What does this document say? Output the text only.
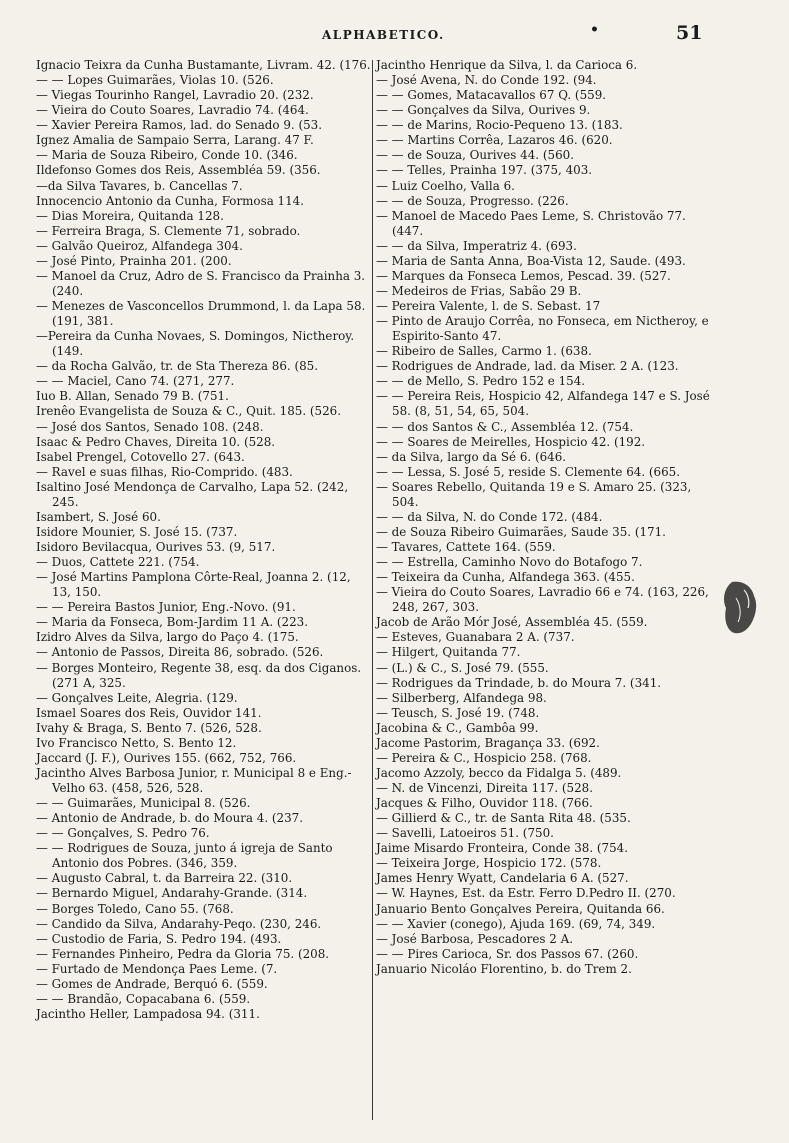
ALPHABETICO.	•	51
Ignacio Teixra da Cunha Bustamante, Livram. 42. (176.
— — Lopes Guimarães, Violas 10. (526.
— Viegas Tourinho Rangel, Lavradio 20. (232.
— Vieira do Couto Soares, Lavradio 74. (464.
— Xavier Pereira Ramos, lad. do Senado 9. (53.
Ignez Amalia de Sampaio Serra, Larang. 47 F.
— Maria de Souza Ribeiro, Conde 10. (346.
Ildefonso Gomes dos Reis, Assembléa 59. (356.
—da Silva Tavares, b. Cancellas 7.
Innocencio Antonio da Cunha, Formosa 114.
— Dias Moreira, Quitanda 128.
— Ferreira Braga, S. Clemente 71, sobrado.
— Galvão Queiroz, Alfandega 304.
— José Pinto, Prainha 201. (200.
— Manoel da Cruz, Adro de S. Francisco da Prainha 3. (240.
— Menezes de Vasconcellos Drummond, l. da Lapa 58. (191, 381.
—Pereira da Cunha Novaes, S. Domingos, Nictheroy. (149.
— da Rocha Galvão, tr. de Sta Thereza 86. (85.
— — Maciel, Cano 74. (271, 277.
Iuo B. Allan, Senado 79 B. (751.
Irenêo Evangelista de Souza & C., Quit. 185. (526.
— José dos Santos, Senado 108. (248.
Isaac & Pedro Chaves, Direita 10. (528.
Isabel Prengel, Cotovello 27. (643.
— Ravel e suas filhas, Rio-Comprido. (483.
Isaltino José Mendonça de Carvalho, Lapa 52. (242, 245.
Isambert, S. José 60.
Isidore Mounier, S. José 15. (737.
Isidoro Bevilacqua, Ourives 53. (9, 517.
— Duos, Cattete 221. (754.
— José Martins Pamplona Côrte-Real, Joanna 2. (12, 13, 150.
— — Pereira Bastos Junior, Eng.-Novo. (91.
— Maria da Fonseca, Bom-Jardim 11 A. (223.
Izidro Alves da Silva, largo do Paço 4. (175.
— Antonio de Passos, Direita 86, sobrado. (526.
— Borges Monteiro, Regente 38, esq. da dos Ciganos. (271 A, 325.
— Gonçalves Leite, Alegria. (129.
Ismael Soares dos Reis, Ouvidor 141.
Ivahy & Braga, S. Bento 7. (526, 528.
Ivo Francisco Netto, S. Bento 12.
Jaccard (J. F.), Ourives 155. (662, 752, 766.
Jacintho Alves Barbosa Junior, r. Municipal 8 e Eng.-Velho 63. (458, 526, 528.
— — Guimarães, Municipal 8. (526.
— Antonio de Andrade, b. do Moura 4. (237.
— — Gonçalves, S. Pedro 76.
— — Rodrigues de Souza, junto á igreja de Santo Antonio dos Pobres. (346, 359.
— Augusto Cabral, t. da Barreira 22. (310.
— Bernardo Miguel, Andarahy-Grande. (314.
— Borges Toledo, Cano 55. (768.
— Candido da Silva, Andarahy-Peqo. (230, 246.
— Custodio de Faria, S. Pedro 194. (493.
— Fernandes Pinheiro, Pedra da Gloria 75. (208.
— Furtado de Mendonça Paes Leme. (7.
— Gomes de Andrade, Berquó 6. (559.
— — Brandão, Copacabana 6. (559.
Jacintho Heller, Lampadosa 94. (311.
Jacintho Henrique da Silva, l. da Carioca 6.
— José Avena, N. do Conde 192. (94.
— — Gomes, Matacavallos 67 Q. (559.
— — Gonçalves da Silva, Ourives 9.
— — de Marins, Rocio-Pequeno 13. (183.
— — Martins Corrêa, Lazaros 46. (620.
— — de Souza, Ourives 44. (560.
— — Telles, Prainha 197. (375, 403.
— Luiz Coelho, Valla 6.
— — de Souza, Progresso. (226.
— Manoel de Macedo Paes Leme, S. Christovão 77. (447.
— — da Silva, Imperatriz 4. (693.
— Maria de Santa Anna, Boa-Vista 12, Saude. (493.
— Marques da Fonseca Lemos, Pescad. 39. (527.
— Medeiros de Frias, Sabão 29 B.
— Pereira Valente, l. de S. Sebast. 17
— Pinto de Araujo Corrêa, no Fonseca, em Nictheroy, e Espirito-Santo 47.
— Ribeiro de Salles, Carmo 1. (638.
— Rodrigues de Andrade, lad. da Miser. 2 A. (123.
— — de Mello, S. Pedro 152 e 154.
— — Pereira Reis, Hospicio 42, Alfandega 147 e S. José 58. (8, 51, 54, 65, 504.
— — dos Santos & C., Assembléa 12. (754.
— — Soares de Meirelles, Hospicio 42. (192.
— da Silva, largo da Sé 6. (646.
— — Lessa, S. José 5, reside S. Clemente 64. (665.
— Soares Rebello, Quitanda 19 e S. Amaro 25. (323, 504.
— — da Silva, N. do Conde 172. (484.
— de Souza Ribeiro Guimarães, Saude 35. (171.
— Tavares, Cattete 164. (559.
— — Estrella, Caminho Novo do Botafogo 7.
— Teixeira da Cunha, Alfandega 363. (455.
— Vieira do Couto Soares, Lavradio 66 e 74. (163, 226, 248, 267, 303.
Jacob de Arão Mór José, Assembléa 45. (559.
— Esteves, Guanabara 2 A. (737.
— Hilgert, Quitanda 77.
— (L.) & C., S. José 79. (555.
— Rodrigues da Trindade, b. do Moura 7. (341.
— Silberberg, Alfandega 98.
— Teusch, S. José 19. (748.
Jacobina & C., Gambôa 99.
Jacome Pastorim, Bragança 33. (692.
— Pereira & C., Hospicio 258. (768.
Jacomo Azzoly, becco da Fidalga 5. (489.
— N. de Vincenzi, Direita 117. (528.
Jacques & Filho, Ouvidor 118. (766.
— Gillierd & C., tr. de Santa Rita 48. (535.
— Savelli, Latoeiros 51. (750.
Jaime Misardo Fronteira, Conde 38. (754.
— Teixeira Jorge, Hospicio 172. (578.
James Henry Wyatt, Candelaria 6 A. (527.
— W. Haynes, Est. da Estr. Ferro D.Pedro II. (270.
Januario Bento Gonçalves Pereira, Quitanda 66.
— — Xavier (conego), Ajuda 169. (69, 74, 349.
— José Barbosa, Pescadores 2 A.
— — Pires Carioca, Sr. dos Passos 67. (260.
Januario Nicoláo Florentino, b. do Trem 2.
